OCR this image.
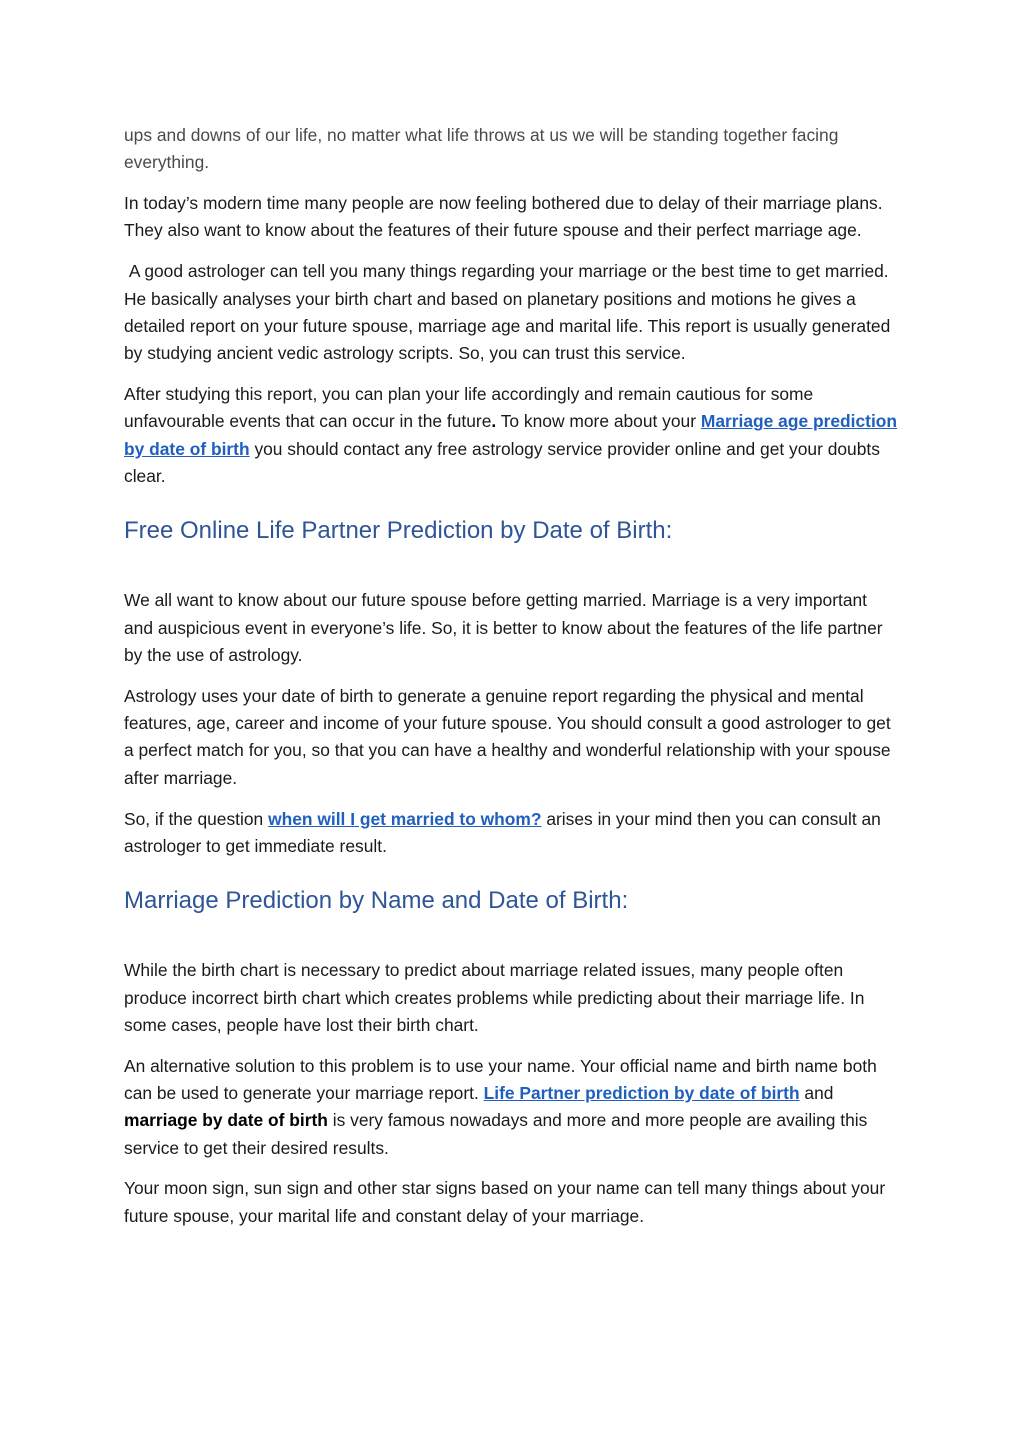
ups and downs of our life, no matter what life throws at us we will be standing together facing everything.

In today’s modern time many people are now feeling bothered due to delay of their marriage plans. They also want to know about the features of their future spouse and their perfect marriage age.

A good astrologer can tell you many things regarding your marriage or the best time to get married. He basically analyses your birth chart and based on planetary positions and motions he gives a detailed report on your future spouse, marriage age and marital life. This report is usually generated by studying ancient vedic astrology scripts. So, you can trust this service.

After studying this report, you can plan your life accordingly and remain cautious for some unfavourable events that can occur in the future. To know more about your Marriage age prediction by date of birth you should contact any free astrology service provider online and get your doubts clear.

Free Online Life Partner Prediction by Date of Birth:

We all want to know about our future spouse before getting married. Marriage is a very important and auspicious event in everyone’s life. So, it is better to know about the features of the life partner by the use of astrology.

Astrology uses your date of birth to generate a genuine report regarding the physical and mental features, age, career and income of your future spouse. You should consult a good astrologer to get a perfect match for you, so that you can have a healthy and wonderful relationship with your spouse after marriage.

So, if the question when will I get married to whom? arises in your mind then you can consult an astrologer to get immediate result.

Marriage Prediction by Name and Date of Birth:

While the birth chart is necessary to predict about marriage related issues, many people often produce incorrect birth chart which creates problems while predicting about their marriage life. In some cases, people have lost their birth chart.

An alternative solution to this problem is to use your name. Your official name and birth name both can be used to generate your marriage report. Life Partner prediction by date of birth and marriage by date of birth is very famous nowadays and more and more people are availing this service to get their desired results.

Your moon sign, sun sign and other star signs based on your name can tell many things about your future spouse, your marital life and constant delay of your marriage.
